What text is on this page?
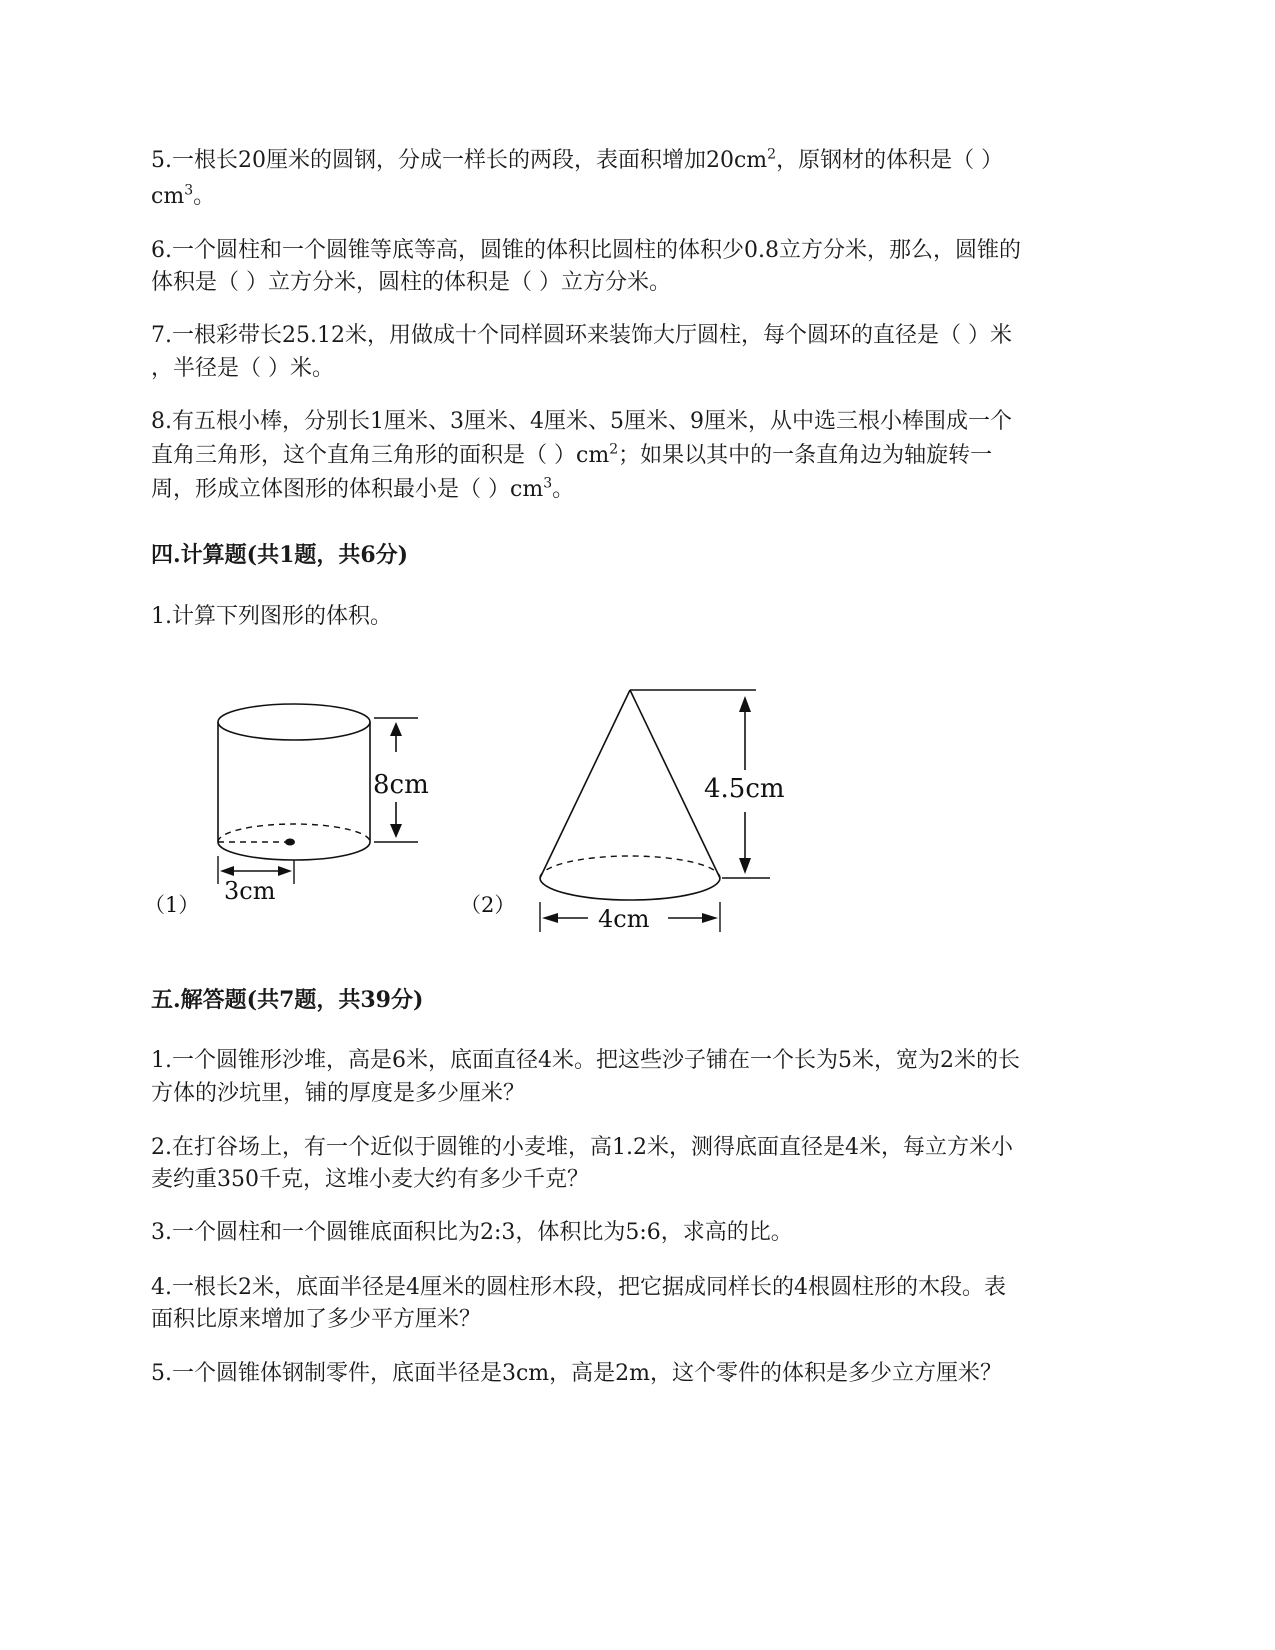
5.一根长20厘米的圆钢，分成一样长的两段，表面积增加$20cm^2$，原钢材的体积是（ ）
$cm^3$。
6.一个圆柱和一个圆锥等底等高，圆锥的体积比圆柱的体积少0.8立方分米，那么，圆锥的
体积是（ ）立方分米，圆柱的体积是（ ）立方分米。
7.一根彩带长25.12米，用做成十个同样圆环来装饰大厅圆柱，每个圆环的直径是（ ）米
，半径是（ ）米。
8.有五根小棒，分别长1厘米、3厘米、4厘米、5厘米、9厘米，从中选三根小棒围成一个
直角三角形，这个直角三角形的面积是（ ）$cm^2$；如果以其中的一条直角边为轴旋转一
周，形成立体图形的体积最小是（ ）$cm^3$。
四.计算题(共1题，共6分)
1.计算下列图形的体积。
8cm
3cm
（1）
4.5cm
4cm
（2）
五.解答题(共7题，共39分)
1.一个圆锥形沙堆，高是6米，底面直径4米。把这些沙子铺在一个长为5米，宽为2米的长
方体的沙坑里，铺的厚度是多少厘米？
2.在打谷场上，有一个近似于圆锥的小麦堆，高1.2米，测得底面直径是4米，每立方米小
麦约重350千克，这堆小麦大约有多少千克？
3.一个圆柱和一个圆锥底面积比为2:3，体积比为5:6，求高的比。
4.一根长2米，底面半径是4厘米的圆柱形木段，把它据成同样长的4根圆柱形的木段。表
面积比原来增加了多少平方厘米？
5.一个圆锥体钢制零件，底面半径是3cm，高是2m，这个零件的体积是多少立方厘米？
